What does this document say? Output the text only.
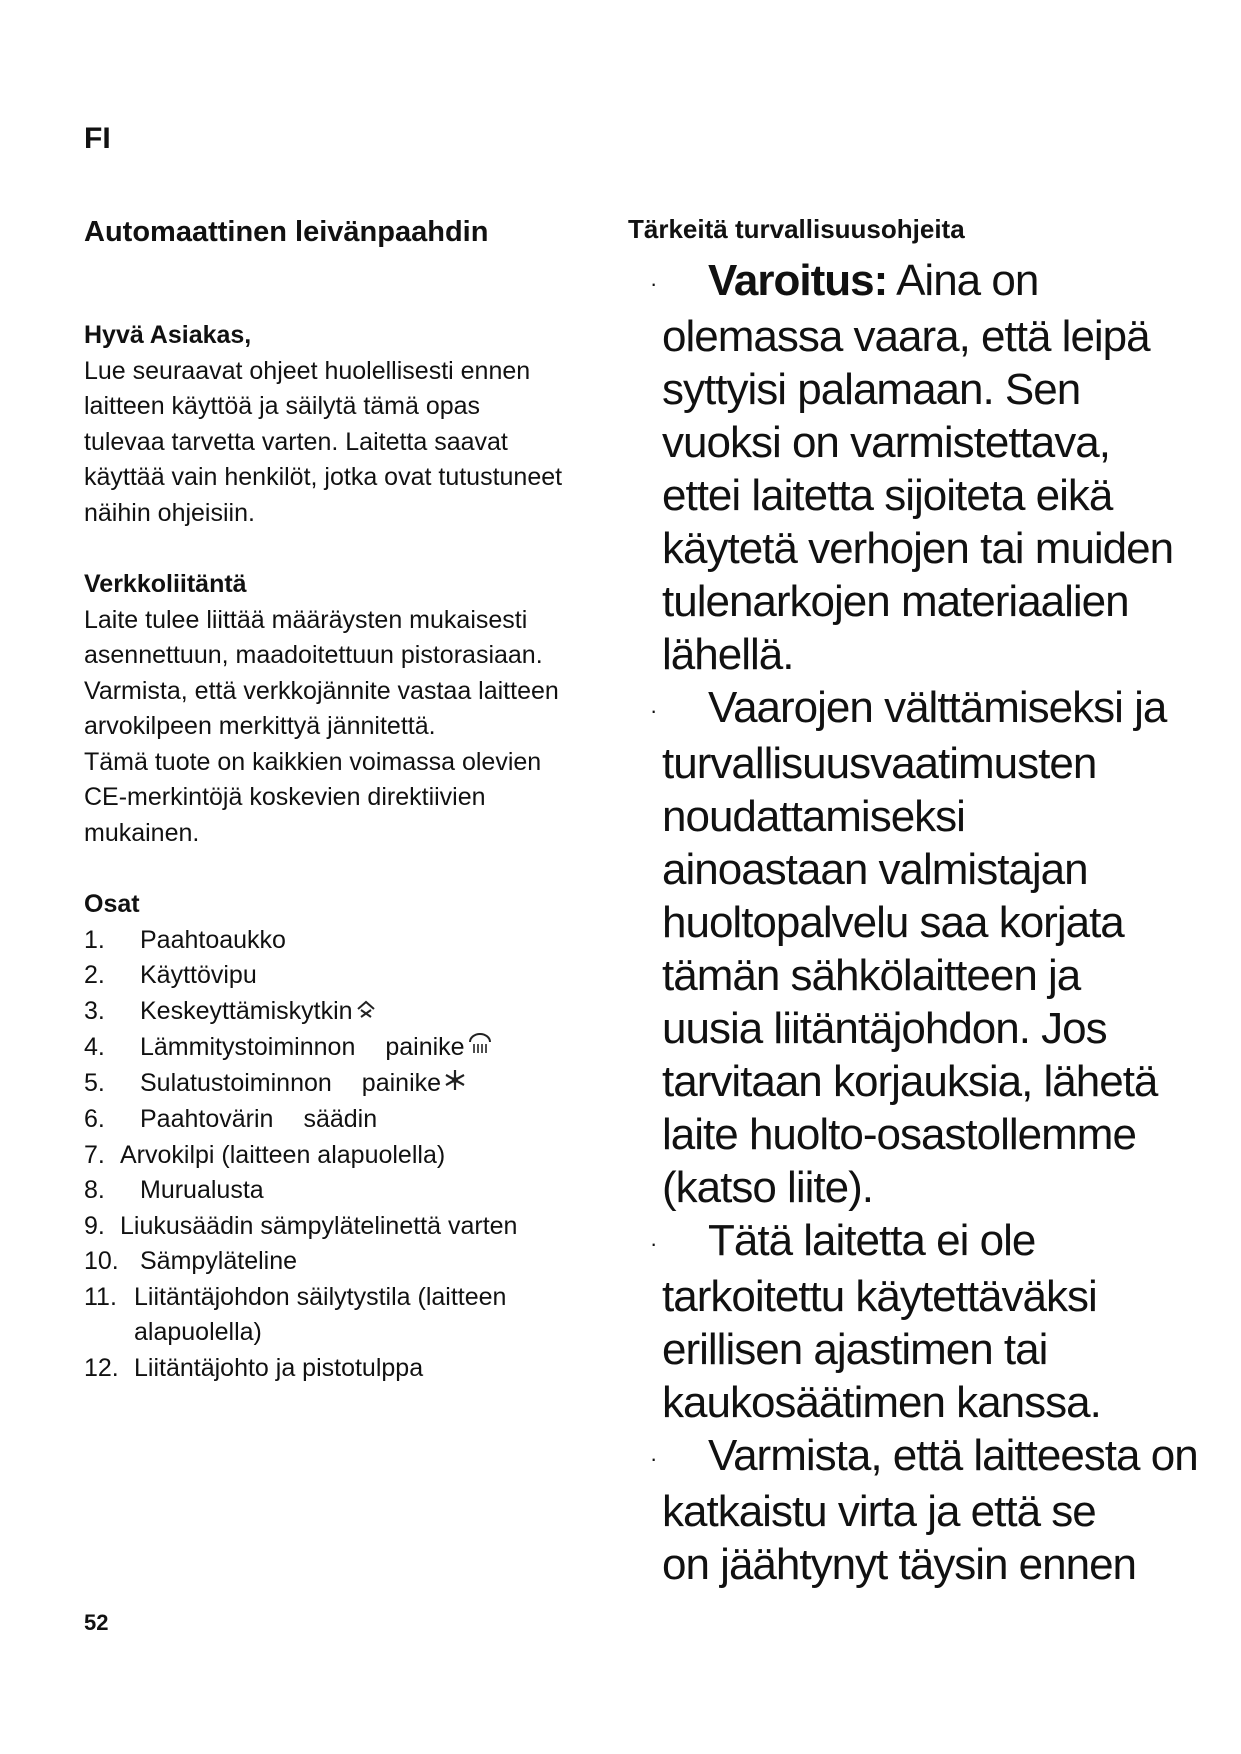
FI
Automaattinen leivänpaahdin
Hyvä Asiakas,

Lue seuraavat ohjeet huolellisesti ennen

laitteen käyttöä ja säilytä tämä opas

tulevaa tarvetta varten. Laitetta saavat

käyttää vain henkilöt, jotka ovat tutustuneet

näihin ohjeisiin.

Verkkoliitäntä

Laite tulee liittää määräysten mukaisesti

asennettuun, maadoitettuun pistorasiaan.

Varmista, että verkkojännite vastaa laitteen

arvokilpeen merkittyä jännitettä.

Tämä tuote on kaikkien voimassa olevien

CE-merkintöjä koskevien direktiivien

mukainen.

Osat
1.	Paahtoaukko
2.	Käyttövipu
3.	Keskeyttämiskytkin
4.	Lämmitystoiminnon painike
5.	Sulatustoiminnon painike
6.	Paahtovärin säädin
7. Arvokilpi (laitteen alapuolella)
8.	Murualusta
9. Liukusäädin sämpylätelinettä varten
10. Sämpyläteline
11. Liitäntäjohdon säilytystila (laitteen
alapuolella)
12. Liitäntäjohto ja pistotulppa
Tärkeitä turvallisuusohjeita

· Varoitus: Aina on
olemassa vaara, että leipä
syttyisi palamaan. Sen
vuoksi on varmistettava,
ettei laitetta sijoiteta eikä
käytetä verhojen tai muiden
tulenarkojen materiaalien
lähellä.

· Vaarojen välttämiseksi ja
turvallisuusvaatimusten
noudattamiseksi
ainoastaan valmistajan
huoltopalvelu saa korjata
tämän sähkölaitteen ja
uusia liitäntäjohdon. Jos
tarvitaan korjauksia, lähetä
laite huolto-osastollemme
(katso liite).

· Tätä laitetta ei ole
tarkoitettu käytettäväksi
erillisen ajastimen tai
kaukosäätimen kanssa.

· Varmista, että laitteesta on
katkaistu virta ja että se
on jäähtynyt täysin ennen

52
